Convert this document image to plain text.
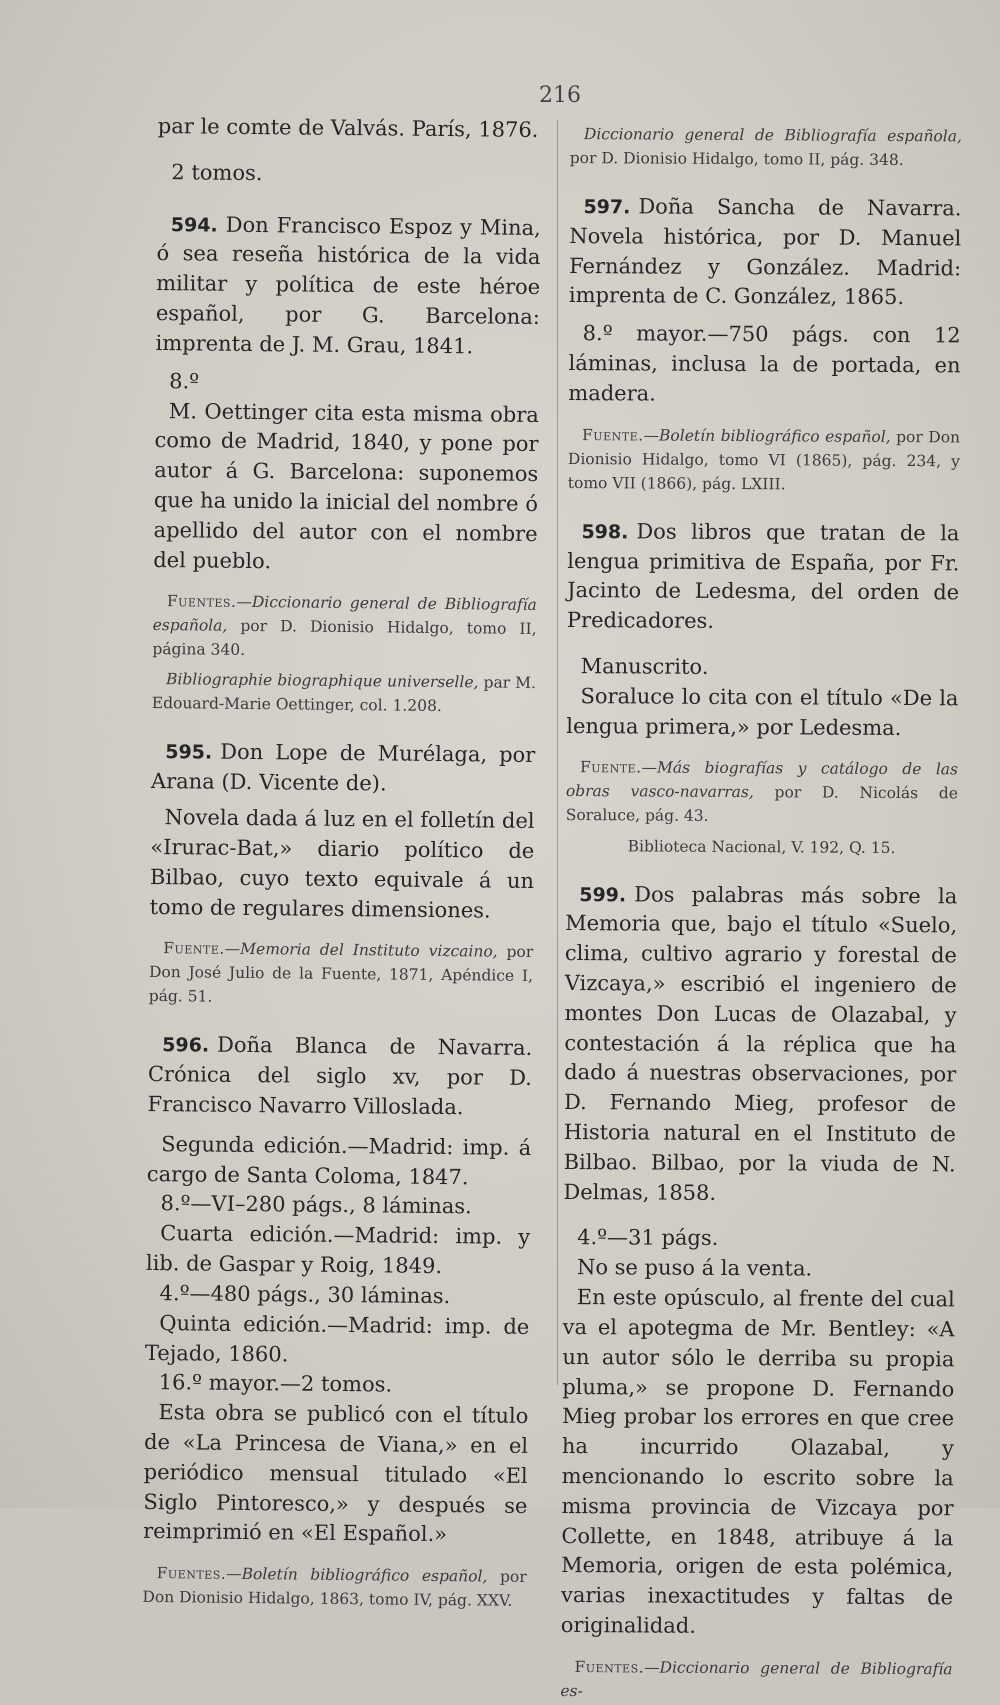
216

par le comte de Valvás. París, 1876.

2 tomos.

594. Don Francisco Espoz y Mina, ó sea reseña histórica de la vida militar y política de este héroe español, por G. Barcelona: imprenta de J. M. Grau, 1841.

8.º

M. Oettinger cita esta misma obra como de Madrid, 1840, y pone por autor á G. Barcelona: suponemos que ha unido la inicial del nombre ó apellido del autor con el nombre del pueblo.

Fuentes.—Diccionario general de Bibliografía española, por D. Dionisio Hidalgo, tomo II, página 340.

Bibliographie biographique universelle, par M. Edouard-Marie Oettinger, col. 1.208.

595. Don Lope de Murélaga, por Arana (D. Vicente de).

Novela dada á luz en el folletín del «Irurac-Bat,» diario político de Bilbao, cuyo texto equivale á un tomo de regulares dimensiones.

Fuente.—Memoria del Instituto vizcaino, por Don José Julio de la Fuente, 1871, Apéndice I, pág. 51.

596. Doña Blanca de Navarra. Crónica del siglo xv, por D. Francisco Navarro Villoslada.

Segunda edición.—Madrid: imp. á cargo de Santa Coloma, 1847.

8.º—VI–280 págs., 8 láminas.

Cuarta edición.—Madrid: imp. y lib. de Gaspar y Roig, 1849.

4.º—480 págs., 30 láminas.

Quinta edición.—Madrid: imp. de Tejado, 1860.

16.º mayor.—2 tomos.

Esta obra se publicó con el título de «La Princesa de Viana,» en el periódico mensual titulado «El Siglo Pintoresco,» y después se reimprimió en «El Español.»

Fuentes.—Boletín bibliográfico español, por Don Dionisio Hidalgo, 1863, tomo IV, pág. XXV.

Diccionario general de Bibliografía española, por D. Dionisio Hidalgo, tomo II, pág. 348.

597. Doña Sancha de Navarra. Novela histórica, por D. Manuel Fernández y González. Madrid: imprenta de C. González, 1865.

8.º mayor.—750 págs. con 12 láminas, inclusa la de portada, en madera.

Fuente.—Boletín bibliográfico español, por Don Dionisio Hidalgo, tomo VI (1865), pág. 234, y tomo VII (1866), pág. LXIII.

598. Dos libros que tratan de la lengua primitiva de España, por Fr. Jacinto de Ledesma, del orden de Predicadores.

Manuscrito.

Soraluce lo cita con el título «De la lengua primera,» por Ledesma.

Fuente.—Más biografías y catálogo de las obras vasco-navarras, por D. Nicolás de Soraluce, pág. 43.

Biblioteca Nacional, V. 192, Q. 15.

599. Dos palabras más sobre la Memoria que, bajo el título «Suelo, clima, cultivo agrario y forestal de Vizcaya,» escribió el ingeniero de montes Don Lucas de Olazabal, y contestación á la réplica que ha dado á nuestras observaciones, por D. Fernando Mieg, profesor de Historia natural en el Instituto de Bilbao. Bilbao, por la viuda de N. Delmas, 1858.

4.º—31 págs.

No se puso á la venta.

En este opúsculo, al frente del cual va el apotegma de Mr. Bentley: «A un autor sólo le derriba su propia pluma,» se propone D. Fernando Mieg probar los errores en que cree ha incurrido Olazabal, y mencionando lo escrito sobre la misma provincia de Vizcaya por Collette, en 1848, atribuye á la Memoria, origen de esta polémica, varias inexactitudes y faltas de originalidad.

Fuentes.—Diccionario general de Bibliografía es-
